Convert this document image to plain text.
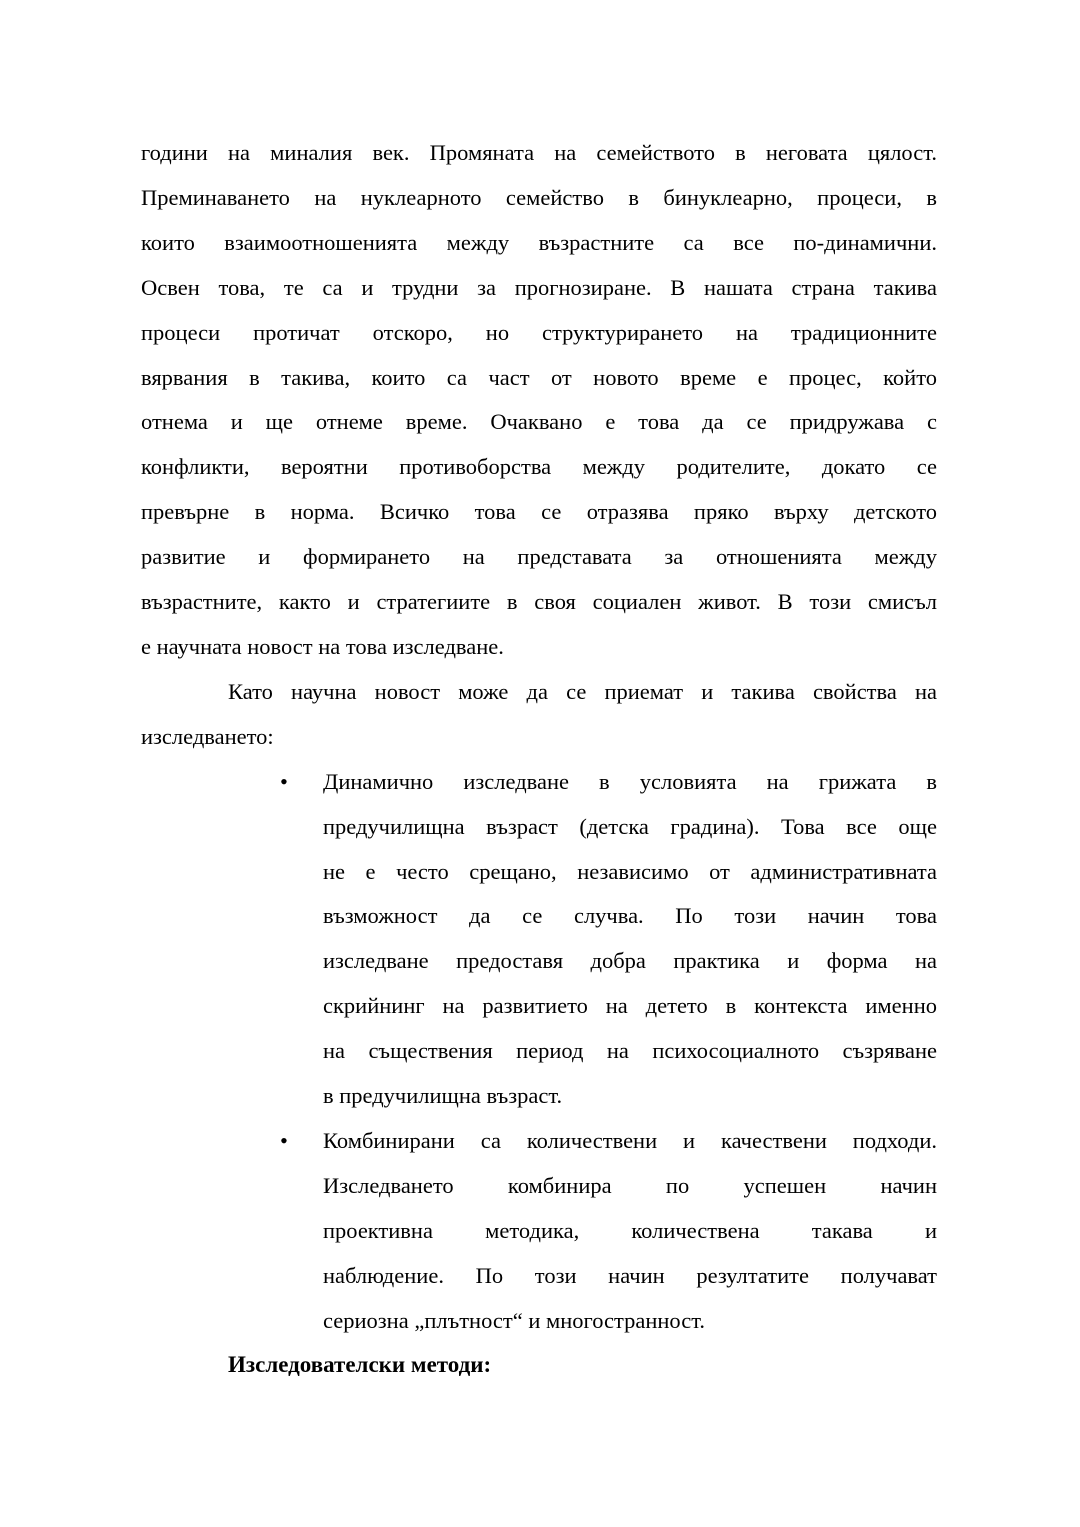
години на миналия век. Промяната на семейството в неговата цялост.
Преминаването на нуклеарното семейство в бинуклеарно, процеси, в
които взаимоотношенията между възрастните са все по-динамични.
Освен това, те са и трудни за прогнозиране. В нашата страна такива
процеси протичат отскоро, но структурирането на традиционните
вярвания в такива, които са част от новото време е процес, който
отнема и ще отнеме време. Очаквано е това да се придружава с
конфликти, вероятни противоборства между родителите, докато се
превърне в норма. Всичко това се отразява пряко върху детското
развитие и формирането на представата за отношенията между
възрастните, както и стратегиите в своя социален живот. В този смисъл
е научната новост на това изследване.
Като научна новост може да се приемат и такива свойства на
изследването:
•	Динамично изследване в условията на грижата в
предучилищна възраст (детска градина). Това все още
не е често срещано, независимо от административната
възможност да се случва. По този начин това
изследване предоставя добра практика и форма на
скрийнинг на развитието на детето в контекста именно
на съществения период на психосоциалното съзряване
в предучилищна възраст.
•	Комбинирани са количествени и качествени подходи.
Изследването комбинира по успешен начин
проективна методика, количествена такава и
наблюдение. По този начин резултатите получават
сериозна „плътност“ и многостранност.
Изследователски методи:
